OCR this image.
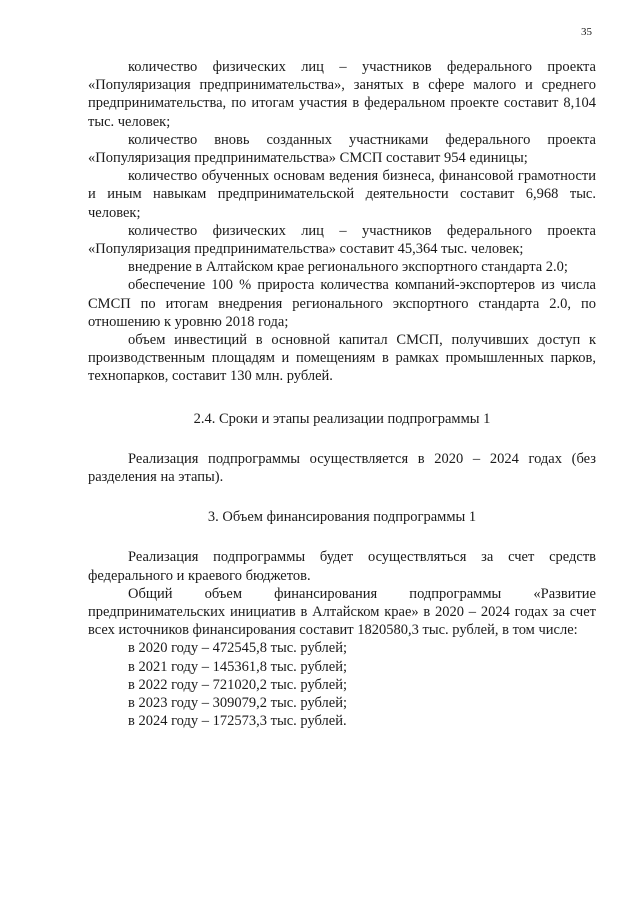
35

количество физических лиц – участников федерального проекта «Популяризация предпринимательства», занятых в сфере малого и среднего предпринимательства, по итогам участия в федеральном проекте составит 8,104 тыс. человек;

количество вновь созданных участниками федерального проекта «Популяризация предпринимательства» СМСП составит 954 единицы;

количество обученных основам ведения бизнеса, финансовой грамотности и иным навыкам предпринимательской деятельности составит 6,968 тыс. человек;

количество физических лиц – участников федерального проекта «Популяризация предпринимательства» составит 45,364 тыс. человек;

внедрение в Алтайском крае регионального экспортного стандарта 2.0;

обеспечение 100 % прироста количества компаний-экспортеров из числа СМСП по итогам внедрения регионального экспортного стандарта 2.0, по отношению к уровню 2018 года;

объем инвестиций в основной капитал СМСП, получивших доступ к производственным площадям и помещениям в рамках промышленных парков, технопарков, составит 130 млн. рублей.

2.4. Сроки и этапы реализации подпрограммы 1

Реализация подпрограммы осуществляется в 2020 – 2024 годах (без разделения на этапы).

3. Объем финансирования подпрограммы 1

Реализация подпрограммы будет осуществляться за счет средств федерального и краевого бюджетов.

Общий объем финансирования подпрограммы «Развитие предпринимательских инициатив в Алтайском крае» в 2020 – 2024 годах за счет всех источников финансирования составит 1820580,3 тыс. рублей, в том числе:

в 2020 году – 472545,8 тыс. рублей;

в 2021 году – 145361,8 тыс. рублей;

в 2022 году – 721020,2 тыс. рублей;

в 2023 году – 309079,2 тыс. рублей;

в 2024 году – 172573,3 тыс. рублей.
